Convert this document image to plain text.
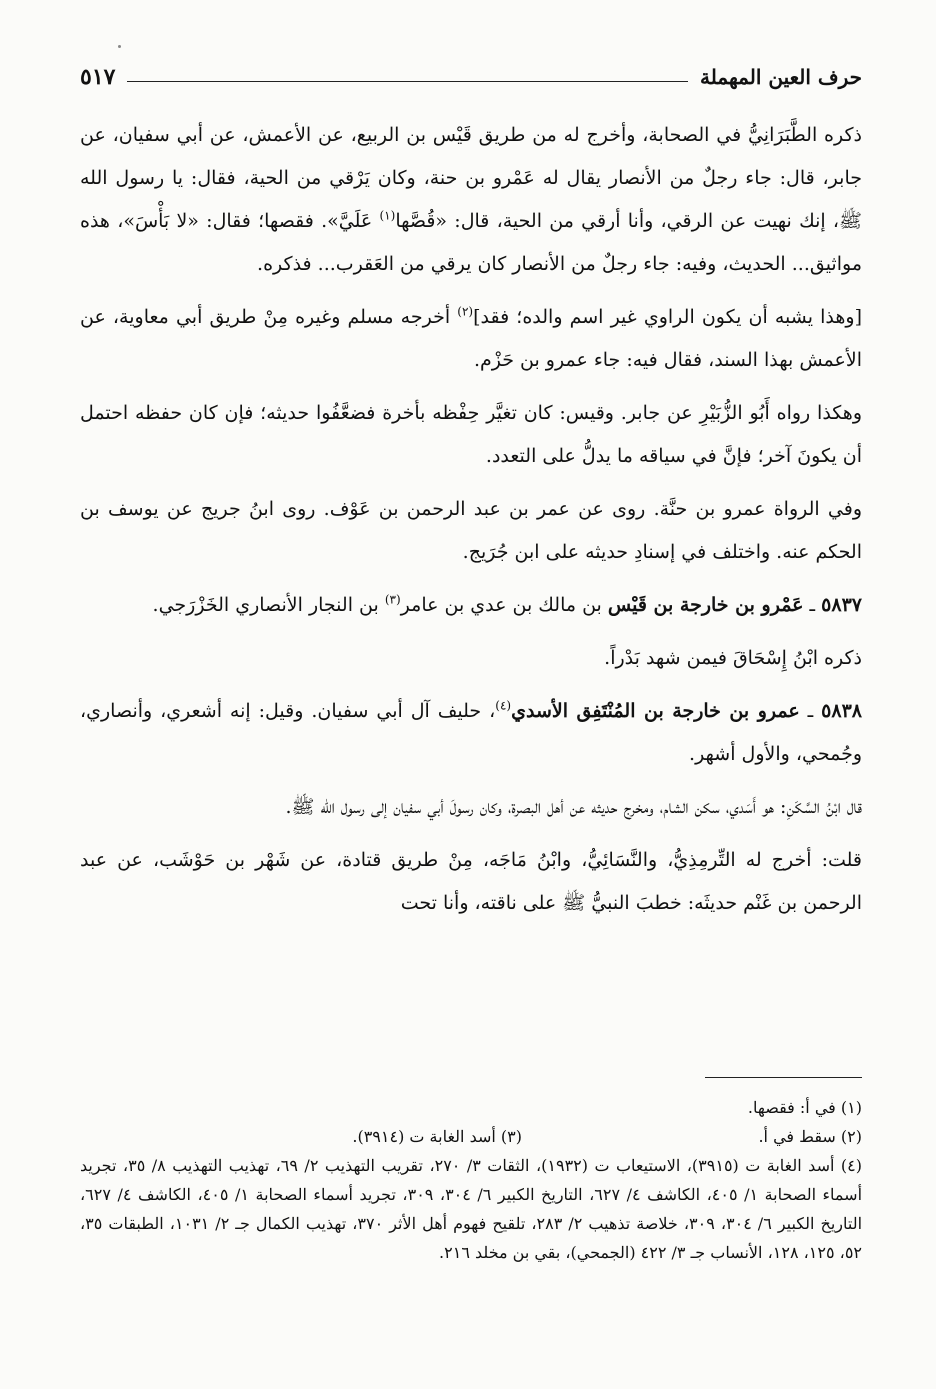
حرف العين المهملة
٥١٧

ذكره الطَّبَرَانِيُّ في الصحابة، وأخرج له من طريق قَيْس بن الربيع، عن الأعمش، عن أبي سفيان، عن جابر، قال: جاء رجلٌ من الأنصار يقال له عَمْرو بن حنة، وكان يَرْقي من الحية، فقال: يا رسول الله ﷺ، إنك نهيت عن الرقي، وأنا أرقي من الحية، قال: «قُصَّها$^{(١)}$ عَلَيَّ». فقصها؛ فقال: «لا بَأْسَ»، هذه مواثيق... الحديث، وفيه: جاء رجلٌ من الأنصار كان يرقي من العَقرب... فذكره.

[وهذا يشبه أن يكون الراوي غير اسم والده؛ فقد]$^{(٢)}$ أخرجه مسلم وغيره مِنْ طريق أبي معاوية، عن الأعمش بهذا السند، فقال فيه: جاء عمرو بن حَزْم.

وهكذا رواه أَبُو الزُّبَيْرِ عن جابر. وقيس: كان تغيَّر حِفْظه بأخرة فضعَّفُوا حديثه؛ فإن كان حفظه احتمل أن يكونَ آخر؛ فإنَّ في سياقه ما يدلُّ على التعدد.

وفي الرواة عمرو بن حنَّة. روى عن عمر بن عبد الرحمن بن عَوْف. روى ابنُ جريج عن يوسف بن الحكم عنه. واختلف في إسنادِ حديثه على ابن جُرَيج.

٥٨٣٧ ـ عَمْرو بن خارجة بن قَيْس بن مالك بن عدي بن عامر$^{(٣)}$ بن النجار الأنصاري الخَزْرَجي.

ذكره ابْنُ إِسْحَاقَ فيمن شهد بَدْراً.

٥٨٣٨ ـ عمرو بن خارجة بن المُنْتَفِق الأسدي$^{(٤)}$، حليف آل أبي سفيان. وقيل: إنه أشعري، وأنصاري، وجُمحي، والأول أشهر.

قال ابْنُ السَّكَنِ: هو أَسَدي، سكن الشام، ومخرج حديثه عن أهل البصرة، وكان رسولَ أبي سفيان إلى رسول الله ﷺ.

قلت: أخرج له التِّرمِذِيُّ، والنَّسَائِيُّ، وابْنُ مَاجَه، مِنْ طريق قتادة، عن شَهْر بن حَوْشَب، عن عبد الرحمن بن غَنْم حديثَه: خطبَ النبيُّ ﷺ على ناقته، وأنا تحت

(١) في أ: فقصها.

(٢) سقط في أ.
(٣) أسد الغابة ت (٣٩١٤).

(٤) أسد الغابة ت (٣٩١٥)، الاستيعاب ت (١٩٣٢)، الثقات ٣/ ٢٧٠، تقريب التهذيب ٢/ ٦٩، تهذيب التهذيب ٨/ ٣٥، تجريد أسماء الصحابة ١/ ٤٠٥، الكاشف ٤/ ٦٢٧، التاريخ الكبير ٦/ ٣٠٤، ٣٠٩، تجريد أسماء الصحابة ١/ ٤٠٥، الكاشف ٤/ ٦٢٧، التاريخ الكبير ٦/ ٣٠٤، ٣٠٩، خلاصة تذهيب ٢/ ٢٨٣، تلقيح فهوم أهل الأثر ٣٧٠، تهذيب الكمال جـ ٢/ ١٠٣١، الطبقات ٣٥، ٥٢، ١٢٥، ١٢٨، الأنساب جـ ٣/ ٤٢٢ (الجمحي)، بقي بن مخلد ٢١٦.
